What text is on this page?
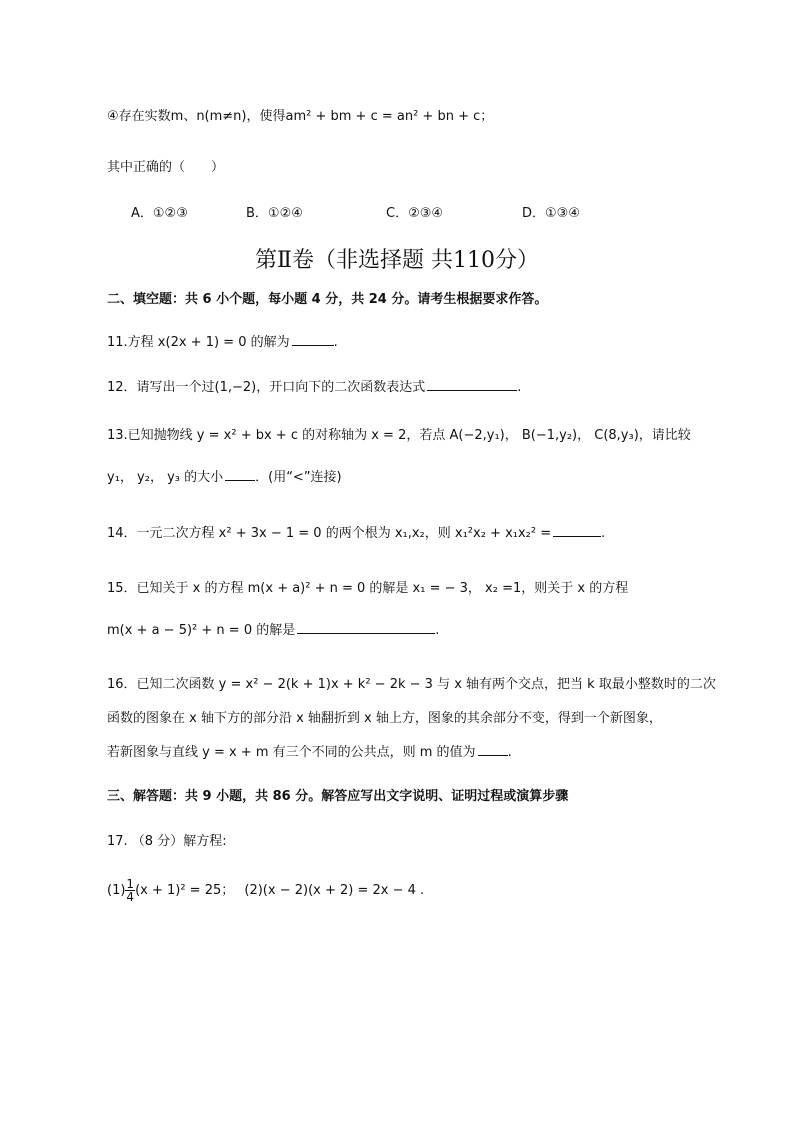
④存在实数m、n(m≠n)，使得am² + bm + c = an² + bn + c；
其中正确的（　　）
A．①②③	B．①②④	C．②③④	D．①③④
第Ⅱ卷（非选择题 共110分）
二、填空题：共 6 小个题，每小题 4 分，共 24 分。请考生根据要求作答。
11.方程 x(2x + 1) = 0 的解为	.
12．请写出一个过(1,−2)，开口向下的二次函数表达式	.
13.已知抛物线 y = x² + bx + c 的对称轴为 x = 2，若点 A(−2,y₁)， B(−1,y₂)， C(8,y₃)，请比较
y₁， y₂， y₃ 的大小 ．(用“<”连接)
14．一元二次方程 x² + 3x − 1 = 0 的两个根为 x₁,x₂，则 x₁²x₂ + x₁x₂² =	.
15．已知关于 x 的方程 m(x + a)² + n = 0 的解是 x₁ = − 3， x₂ =1，则关于 x 的方程
m(x + a − 5)² + n = 0 的解是	.
16．已知二次函数 y = x² − 2(k + 1)x + k² − 2k − 3 与 x 轴有两个交点，把当 k 取最小整数时的二次
函数的图象在 x 轴下方的部分沿 x 轴翻折到 x 轴上方，图象的其余部分不变，得到一个新图象，
若新图象与直线 y = x + m 有三个不同的公共点，则 m 的值为 .
三、解答题：共 9 小题，共 86 分。解答应写出文字说明、证明过程或演算步骤
17. （8 分）解方程:
$(1) \frac{1}{4} (x + 1)^2 = 25$； (2)(x − 2)(x + 2) = 2x − 4 .
